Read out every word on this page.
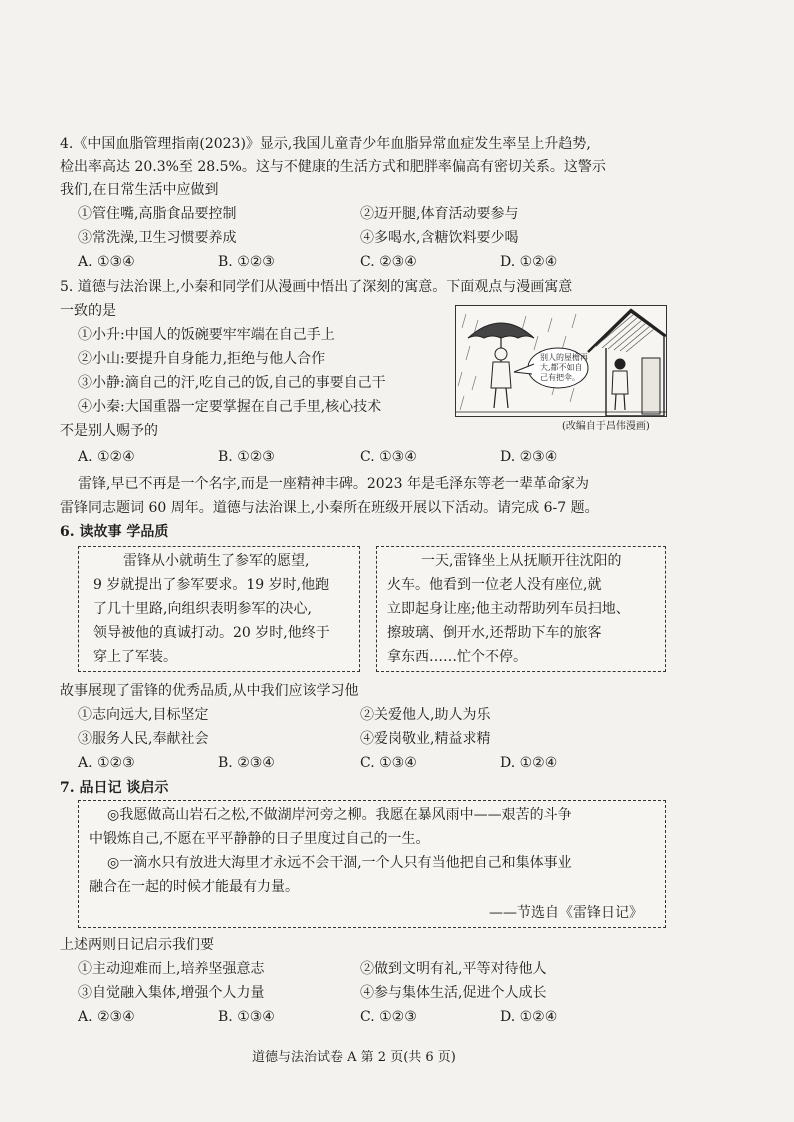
4.《中国血脂管理指南(2023)》显示,我国儿童青少年血脂异常血症发生率呈上升趋势,
检出率高达 20.3%至 28.5%。这与不健康的生活方式和肥胖率偏高有密切关系。这警示
我们,在日常生活中应做到
①管住嘴,高脂食品要控制	②迈开腿,体育活动要参与
③常洗澡,卫生习惯要养成	④多喝水,含糖饮料要少喝
A. ①③④	B. ①②③	C. ②③④	D. ①②④
5. 道德与法治课上,小秦和同学们从漫画中悟出了深刻的寓意。下面观点与漫画寓意
一致的是
①小升:中国人的饭碗要牢牢端在自己手上
②小山:要提升自身能力,拒绝与他人合作
③小静:滴自己的汗,吃自己的饭,自己的事要自己干
④小秦:大国重器一定要掌握在自己手里,核心技术
不是别人赐予的
别人的屋檐再
大,都不如自
己有把伞。
(改编自于昌伟漫画)
A. ①②④	B. ①②③	C. ①③④	D. ②③④
雷锋,早已不再是一个名字,而是一座精神丰碑。2023 年是毛泽东等老一辈革命家为
雷锋同志题词 60 周年。道德与法治课上,小秦所在班级开展以下活动。请完成 6-7 题。
6. 读故事 学品质
雷锋从小就萌生了参军的愿望,
9 岁就提出了参军要求。19 岁时,他跑
了几十里路,向组织表明参军的决心,
领导被他的真诚打动。20 岁时,他终于
穿上了军装。
一天,雷锋坐上从抚顺开往沈阳的
火车。他看到一位老人没有座位,就
立即起身让座;他主动帮助列车员扫地、
擦玻璃、倒开水,还帮助下车的旅客
拿东西……忙个不停。
故事展现了雷锋的优秀品质,从中我们应该学习他
①志向远大,目标坚定	②关爱他人,助人为乐
③服务人民,奉献社会	④爱岗敬业,精益求精
A. ①②③	B. ②③④	C. ①③④	D. ①②④
7. 品日记 谈启示
◎我愿做高山岩石之松,不做湖岸河旁之柳。我愿在暴风雨中——艰苦的斗争
中锻炼自己,不愿在平平静静的日子里度过自己的一生。
◎一滴水只有放进大海里才永远不会干涸,一个人只有当他把自己和集体事业
融合在一起的时候才能最有力量。
——节选自《雷锋日记》
上述两则日记启示我们要
①主动迎难而上,培养坚强意志	②做到文明有礼,平等对待他人
③自觉融入集体,增强个人力量	④参与集体生活,促进个人成长
A. ②③④	B. ①③④	C. ①②③	D. ①②④
道德与法治试卷 A 第 2 页(共 6 页)
